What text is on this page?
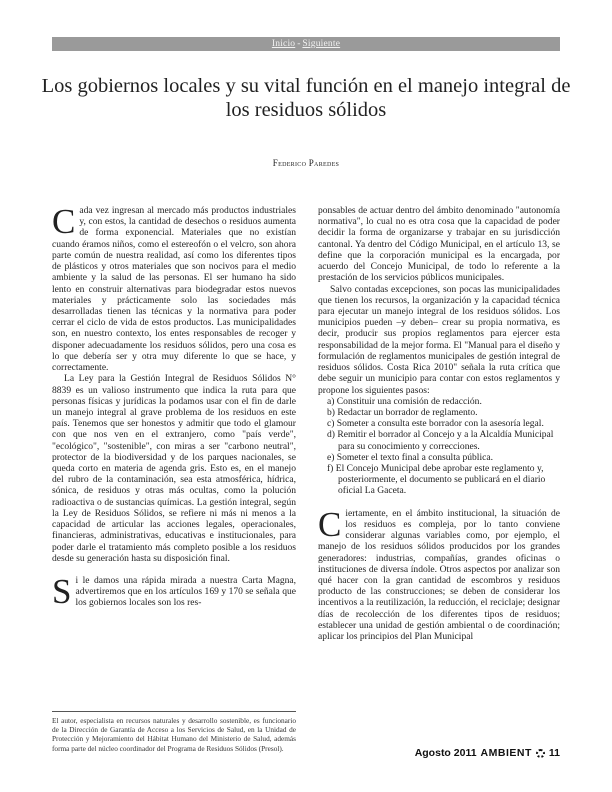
Inicio - Siguiente
Los gobiernos locales y su vital función en el manejo integral de los residuos sólidos
Federico Paredes

Cada vez ingresan al mercado más productos industriales y, con estos, la cantidad de desechos o residuos aumenta de forma exponencial. Materiales que no existían cuando éramos niños, como el estereofón o el velcro, son ahora parte común de nuestra realidad, así como los diferentes tipos de plásticos y otros materiales que son nocivos para el medio ambiente y la salud de las personas. El ser humano ha sido lento en construir alternativas para biodegradar estos nuevos materiales y prácticamente solo las sociedades más desarrolladas tienen las técnicas y la normativa para poder cerrar el ciclo de vida de estos productos. Las municipalidades son, en nuestro contexto, los entes responsables de recoger y disponer adecuadamente los residuos sólidos, pero una cosa es lo que debería ser y otra muy diferente lo que se hace, y correctamente.

La Ley para la Gestión Integral de Residuos Sólidos N° 8839 es un valioso instrumento que indica la ruta para que personas físicas y jurídicas la podamos usar con el fin de darle un manejo integral al grave problema de los residuos en este país. Tenemos que ser honestos y admitir que todo el glamour con que nos ven en el extranjero, como "país verde", "ecológico", "sostenible", con miras a ser "carbono neutral", protector de la biodiversidad y de los parques nacionales, se queda corto en materia de agenda gris. Esto es, en el manejo del rubro de la contaminación, sea esta atmosférica, hídrica, sónica, de residuos y otras más ocultas, como la polución radioactiva o de sustancias químicas. La gestión integral, según la Ley de Residuos Sólidos, se refiere ni más ni menos a la capacidad de articular las acciones legales, operacionales, financieras, administrativas, educativas e institucionales, para poder darle el tratamiento más completo posible a los residuos desde su generación hasta su disposición final.

Si le damos una rápida mirada a nuestra Carta Magna, advertiremos que en los artículos 169 y 170 se señala que los gobiernos locales son los res-

ponsables de actuar dentro del ámbito denominado "autonomía normativa", lo cual no es otra cosa que la capacidad de poder decidir la forma de organizarse y trabajar en su jurisdicción cantonal. Ya dentro del Código Municipal, en el artículo 13, se define que la corporación municipal es la encargada, por acuerdo del Concejo Municipal, de todo lo referente a la prestación de los servicios públicos municipales.

Salvo contadas excepciones, son pocas las municipalidades que tienen los recursos, la organización y la capacidad técnica para ejecutar un manejo integral de los residuos sólidos. Los municipios pueden –y deben– crear su propia normativa, es decir, producir sus propios reglamentos para ejercer esta responsabilidad de la mejor forma. El "Manual para el diseño y formulación de reglamentos municipales de gestión integral de residuos sólidos. Costa Rica 2010" señala la ruta crítica que debe seguir un municipio para contar con estos reglamentos y propone los siguientes pasos:

a) Constituir una comisión de redacción.
b) Redactar un borrador de reglamento.
c) Someter a consulta este borrador con la asesoría legal.
d) Remitir el borrador al Concejo y a la Alcaldía Municipal para su conocimiento y correcciones.
e) Someter el texto final a consulta pública.
f) El Concejo Municipal debe aprobar este reglamento y, posteriormente, el documento se publicará en el diario oficial La Gaceta.

Ciertamente, en el ámbito institucional, la situación de los residuos es compleja, por lo tanto conviene considerar algunas variables como, por ejemplo, el manejo de los residuos sólidos producidos por los grandes generadores: industrias, compañías, grandes oficinas o instituciones de diversa índole. Otros aspectos por analizar son qué hacer con la gran cantidad de escombros y residuos producto de las construcciones; se deben de considerar los incentivos a la reutilización, la reducción, el reciclaje; designar días de recolección de los diferentes tipos de residuos; establecer una unidad de gestión ambiental o de coordinación; aplicar los principios del Plan Municipal

El autor, especialista en recursos naturales y desarrollo sostenible, es funcionario de la Dirección de Garantía de Acceso a los Servicios de Salud, en la Unidad de Protección y Mejoramiento del Hábitat Humano del Ministerio de Salud, además forma parte del núcleo coordinador del Programa de Residuos Sólidos (Presol).	Agosto 2011 AMBIENT 11
